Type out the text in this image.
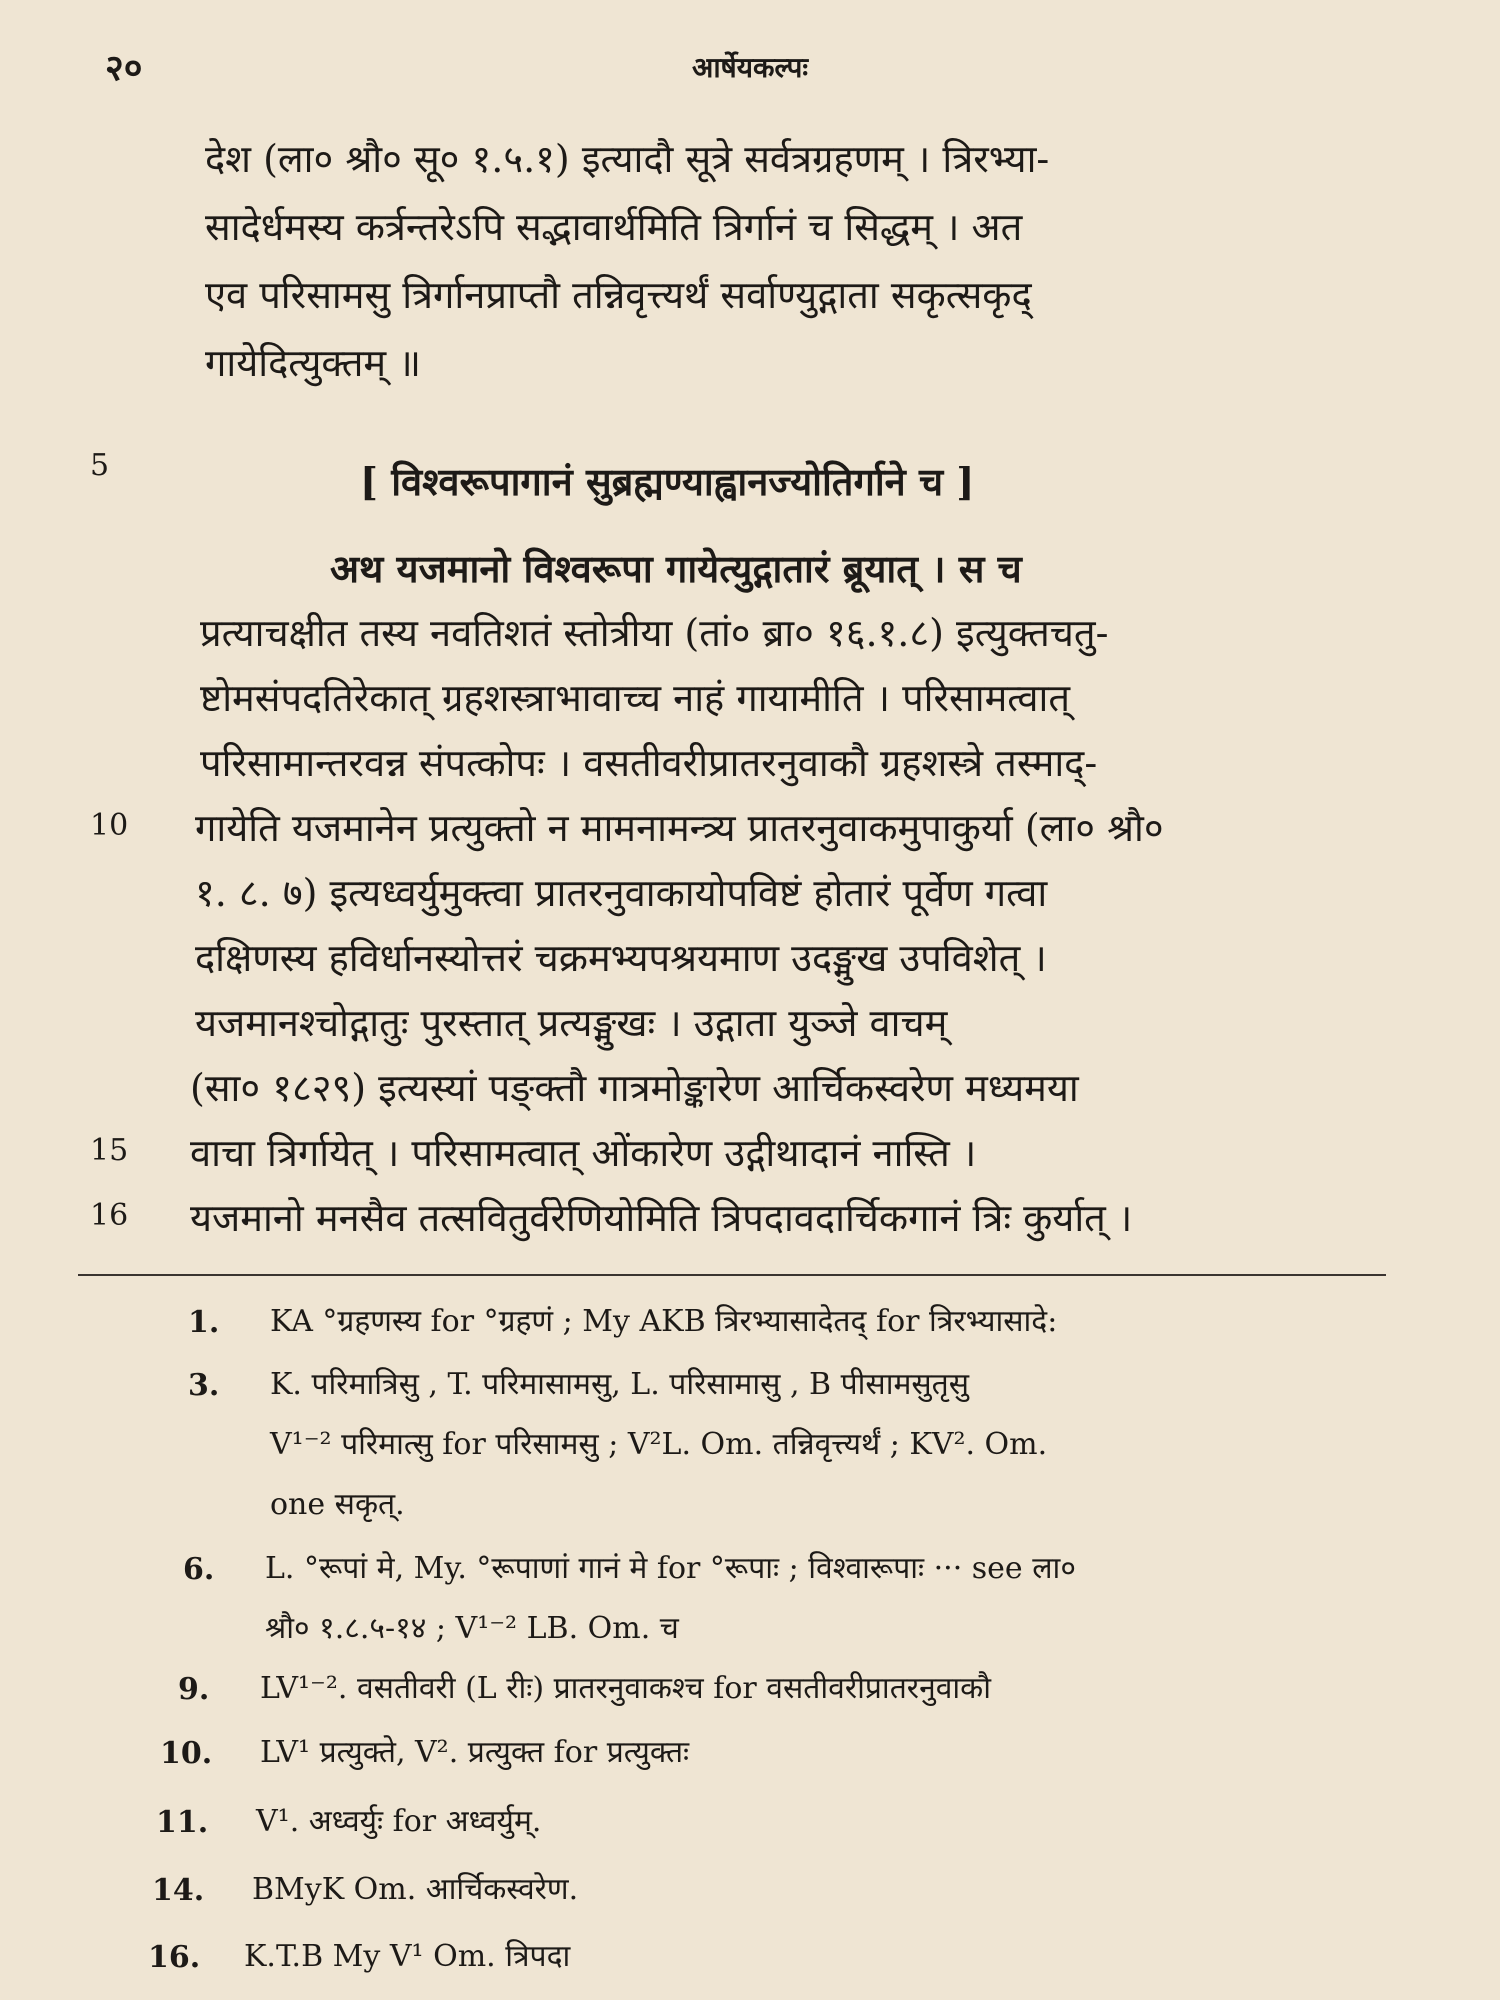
२०	आर्षेयकल्पः
देश (ला० श्रौ० सू० १.५.१) इत्यादौ सूत्रे सर्वत्रग्रहणम् । त्रिरभ्या-
सादेर्धमस्य कर्त्रन्तरेऽपि सद्भावार्थमिति त्रिर्गानं च सिद्धम् । अत
एव परिसामसु त्रिर्गानप्राप्तौ तन्निवृत्त्यर्थं सर्वाण्युद्गाता सकृत्सकृद्
गायेदित्युक्तम् ॥
5	[ विश्वरूपागानं सुब्रह्मण्याह्वानज्योतिर्गाने च ]
अथ यजमानो विश्वरूपा गायेत्युद्गातारं ब्रूयात् । स च
प्रत्याचक्षीत तस्य नवतिशतं स्तोत्रीया (तां० ब्रा० १६.१.८) इत्युक्तचतु-
ष्टोमसंपदतिरेकात् ग्रहशस्त्राभावाच्च नाहं गायामीति । परिसामत्वात्
परिसामान्तरवन्न संपत्कोपः । वसतीवरीप्रातरनुवाकौ ग्रहशस्त्रे तस्माद्-
10	गायेति यजमानेन प्रत्युक्तो न मामनामन्त्र्य प्रातरनुवाकमुपाकुर्या (ला० श्रौ०
१. ८. ७) इत्यध्वर्युमुक्त्वा प्रातरनुवाकायोपविष्टं होतारं पूर्वेण गत्वा
दक्षिणस्य हविर्धानस्योत्तरं चक्रमभ्यपश्रयमाण उदङ्मुख उपविशेत् ।
यजमानश्चोद्गातुः पुरस्तात् प्रत्यङ्मुखः । उद्गाता युञ्जे वाचम्
(सा० १८२९) इत्यस्यां पङ्क्तौ गात्रमोङ्कारेण आर्चिकस्वरेण मध्यमया
15	वाचा त्रिर्गायेत् । परिसामत्वात् ओंकारेण उद्गीथादानं नास्ति ।
16	यजमानो मनसैव तत्सवितुर्वरेणियोमिति त्रिपदावदार्चिकगानं त्रिः कुर्यात् ।
1. KA °ग्रहणस्य for °ग्रहणं ; My AKB त्रिरभ्यासादेतद् for त्रिरभ्यासादे:
3. K. परिमात्रिसु , T. परिमासामसु, L. परिसामासु , B पीसामसुतृसु
V¹⁻² परिमात्सु for परिसामसु ; V²L. Om. तन्निवृत्त्यर्थं ; KV². Om.
one सकृत्.
6. L. °रूपां मे, My. °रूपाणां गानं मे for °रूपाः ; विश्वारूपाः ··· see ला०
श्रौ० १.८.५-१४ ; V¹⁻² LB. Om. च
9. LV¹⁻². वसतीवरी (L रीः) प्रातरनुवाकश्च for वसतीवरीप्रातरनुवाकौ
10. LV¹ प्रत्युक्ते, V². प्रत्युक्त for प्रत्युक्तः
11. V¹. अध्वर्युः for अध्वर्युम्.
14. BMyK Om. आर्चिकस्वरेण.
16. K.T.B My V¹ Om. त्रिपदा
